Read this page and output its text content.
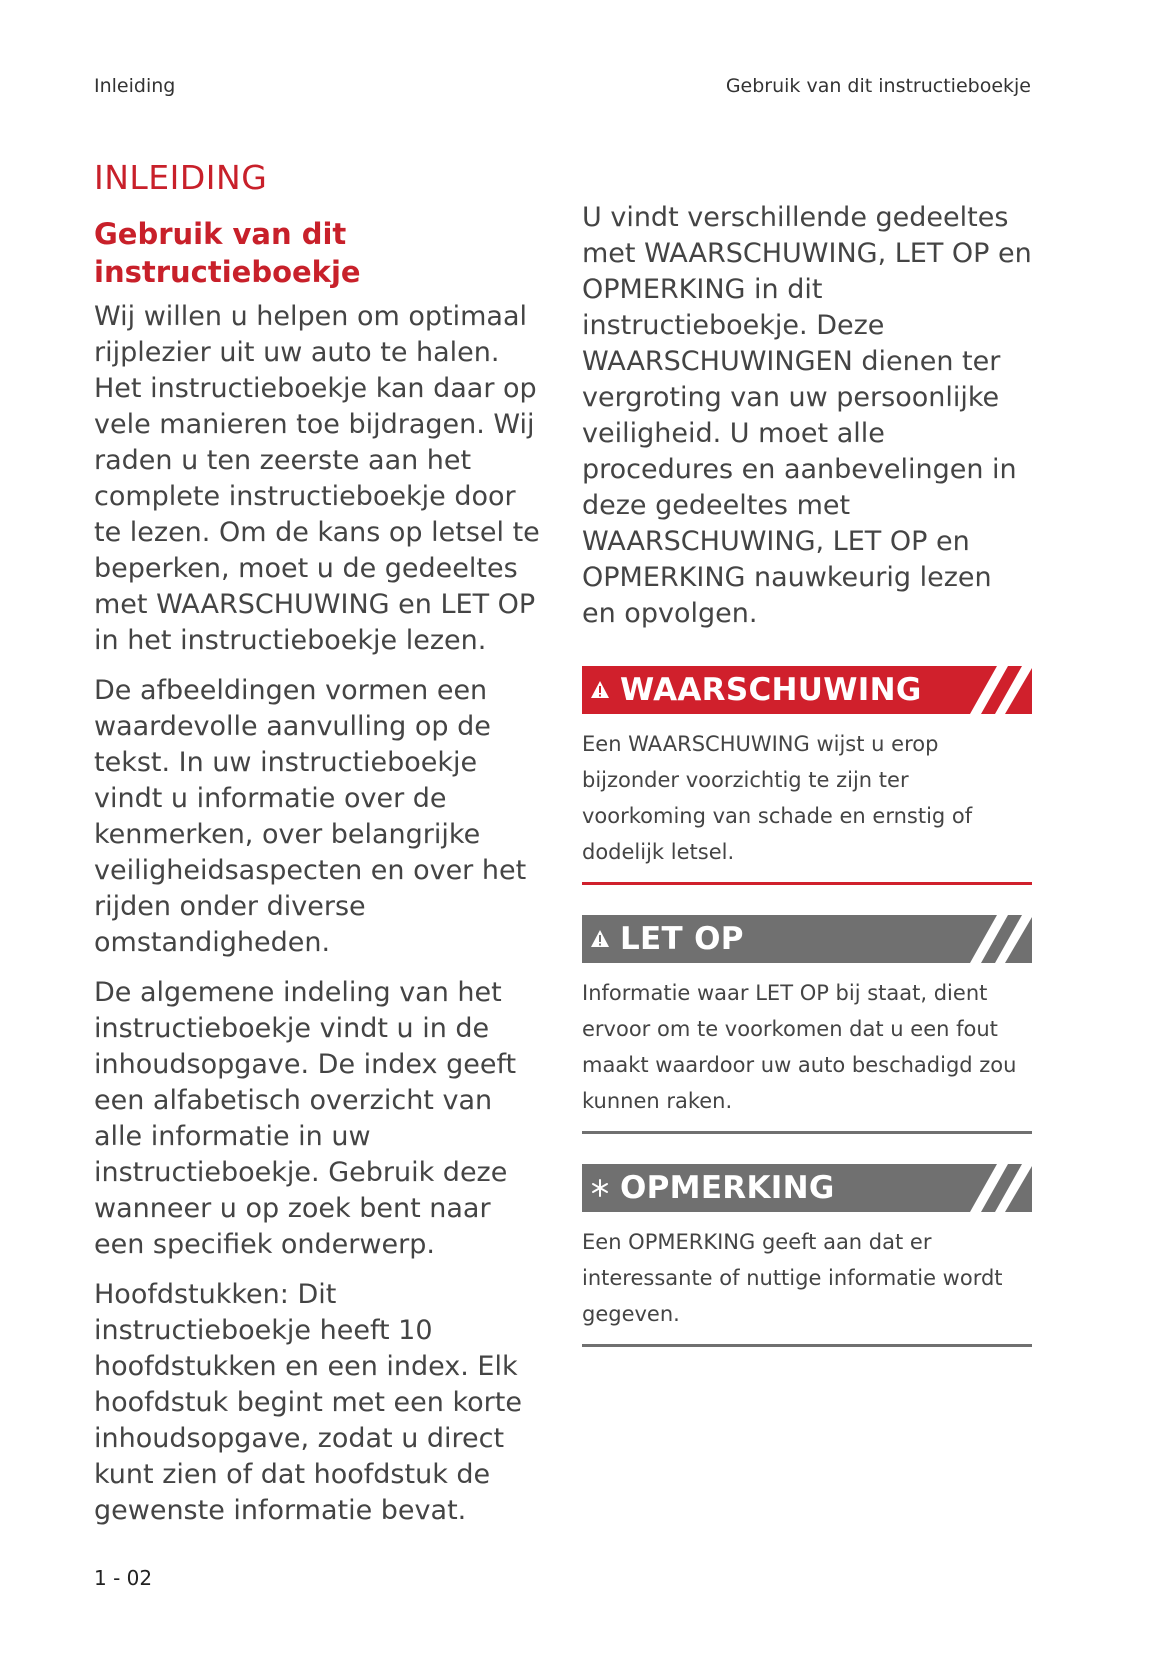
Inleiding	Gebruik van dit instructieboekje
INLEIDING
Gebruik van dit
instructieboekje

Wij willen u helpen om optimaal rijplezier uit uw auto te halen. Het instructieboekje kan daar op vele manieren toe bijdragen. Wij raden u ten zeerste aan het complete instructieboekje door te lezen. Om de kans op letsel te beperken, moet u de gedeeltes met WAARSCHUWING en LET OP in het instructieboekje lezen.

De afbeeldingen vormen een waardevolle aanvulling op de tekst. In uw instructieboekje vindt u informatie over de kenmerken, over belangrijke veiligheidsaspecten en over het rijden onder diverse omstandigheden.

De algemene indeling van het instructieboekje vindt u in de inhoudsopgave. De index geeft een alfabetisch overzicht van alle informatie in uw instructieboekje. Gebruik deze wanneer u op zoek bent naar een specifiek onderwerp.

Hoofdstukken: Dit instructieboekje heeft 10 hoofdstukken en een index. Elk hoofdstuk begint met een korte inhoudsopgave, zodat u direct kunt zien of dat hoofdstuk de gewenste informatie bevat.

U vindt verschillende gedeeltes met WAARSCHUWING, LET OP en OPMERKING in dit instructieboekje. Deze WAARSCHUWINGEN dienen ter vergroting van uw persoonlijke veiligheid. U moet alle procedures en aanbevelingen in deze gedeeltes met WAARSCHUWING, LET OP en OPMERKING nauwkeurig lezen en opvolgen.

WAARSCHUWING

Een WAARSCHUWING wijst u erop bijzonder voorzichtig te zijn ter voorkoming van schade en ernstig of dodelijk letsel.

LET OP

Informatie waar LET OP bij staat, dient ervoor om te voorkomen dat u een fout maakt waardoor uw auto beschadigd zou kunnen raken.

OPMERKING

Een OPMERKING geeft aan dat er interessante of nuttige informatie wordt gegeven.

1 - 02
